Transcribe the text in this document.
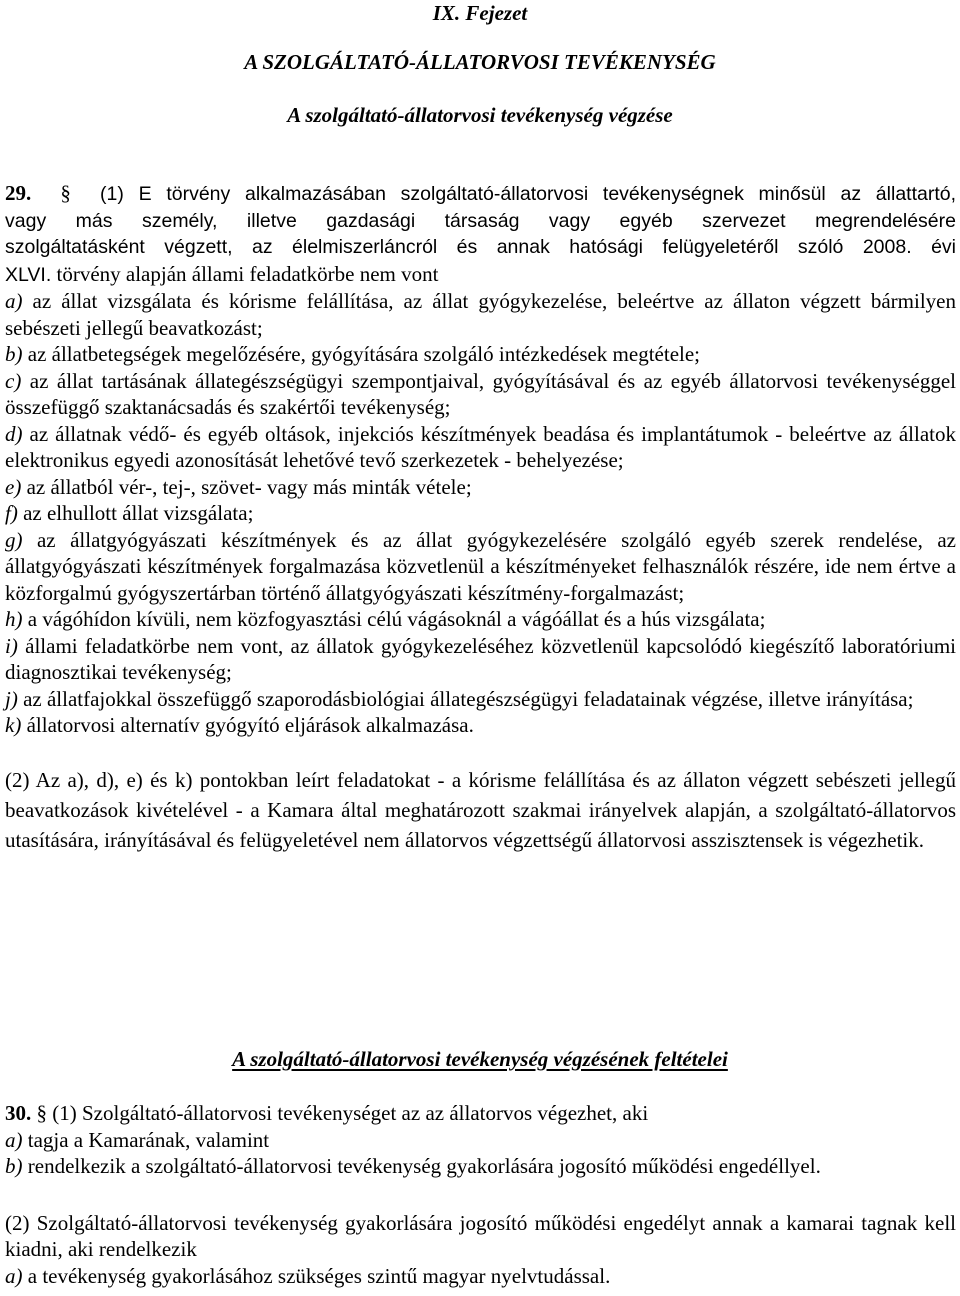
IX. Fejezet
A SZOLGÁLTATÓ-ÁLLATORVOSI TEVÉKENYSÉG
A szolgáltató-állatorvosi tevékenység végzése

29. § (1) E törvény alkalmazásában szolgáltató-állatorvosi tevékenységnek minősül az állattartó,

vagy más személy, illetve gazdasági társaság vagy egyéb szervezet megrendelésére

szolgáltatásként végzett, az élelmiszerláncról és annak hatósági felügyeletéről szóló 2008. évi

XLVI. törvény alapján állami feladatkörbe nem vont

a) az állat vizsgálata és kórisme felállítása, az állat gyógykezelése, beleértve az állaton végzett bármilyen sebészeti jellegű beavatkozást;

b) az állatbetegségek megelőzésére, gyógyítására szolgáló intézkedések megtétele;

c) az állat tartásának állategészségügyi szempontjaival, gyógyításával és az egyéb állatorvosi tevékenységgel összefüggő szaktanácsadás és szakértői tevékenység;

d) az állatnak védő- és egyéb oltások, injekciós készítmények beadása és implantátumok - beleértve az állatok elektronikus egyedi azonosítását lehetővé tevő szerkezetek - behelyezése;

e) az állatból vér-, tej-, szövet- vagy más minták vétele;

f) az elhullott állat vizsgálata;

g) az állatgyógyászati készítmények és az állat gyógykezelésére szolgáló egyéb szerek rendelése, az állatgyógyászati készítmények forgalmazása közvetlenül a készítményeket felhasználók részére, ide nem értve a közforgalmú gyógyszertárban történő állatgyógyászati készítmény-forgalmazást;

h) a vágóhídon kívüli, nem közfogyasztási célú vágásoknál a vágóállat és a hús vizsgálata;

i) állami feladatkörbe nem vont, az állatok gyógykezeléséhez közvetlenül kapcsolódó kiegészítő laboratóriumi diagnosztikai tevékenység;

j) az állatfajokkal összefüggő szaporodásbiológiai állategészségügyi feladatainak végzése, illetve irányítása;

k) állatorvosi alternatív gyógyító eljárások alkalmazása.

(2) Az a), d), e) és k) pontokban leírt feladatokat - a kórisme felállítása és az állaton végzett sebészeti jellegű beavatkozások kivételével - a Kamara által meghatározott szakmai irányelvek alapján, a szolgáltató-állatorvos utasítására, irányításával és felügyeletével nem állatorvos végzettségű állatorvosi asszisztensek is végezhetik.

A szolgáltató-állatorvosi tevékenység végzésének feltételei

30. § (1) Szolgáltató-állatorvosi tevékenységet az az állatorvos végezhet, aki

a) tagja a Kamarának, valamint

b) rendelkezik a szolgáltató-állatorvosi tevékenység gyakorlására jogosító működési engedéllyel.

(2) Szolgáltató-állatorvosi tevékenység gyakorlására jogosító működési engedélyt annak a kamarai tagnak kell kiadni, aki rendelkezik

a) a tevékenység gyakorlásához szükséges szintű magyar nyelvtudással.
